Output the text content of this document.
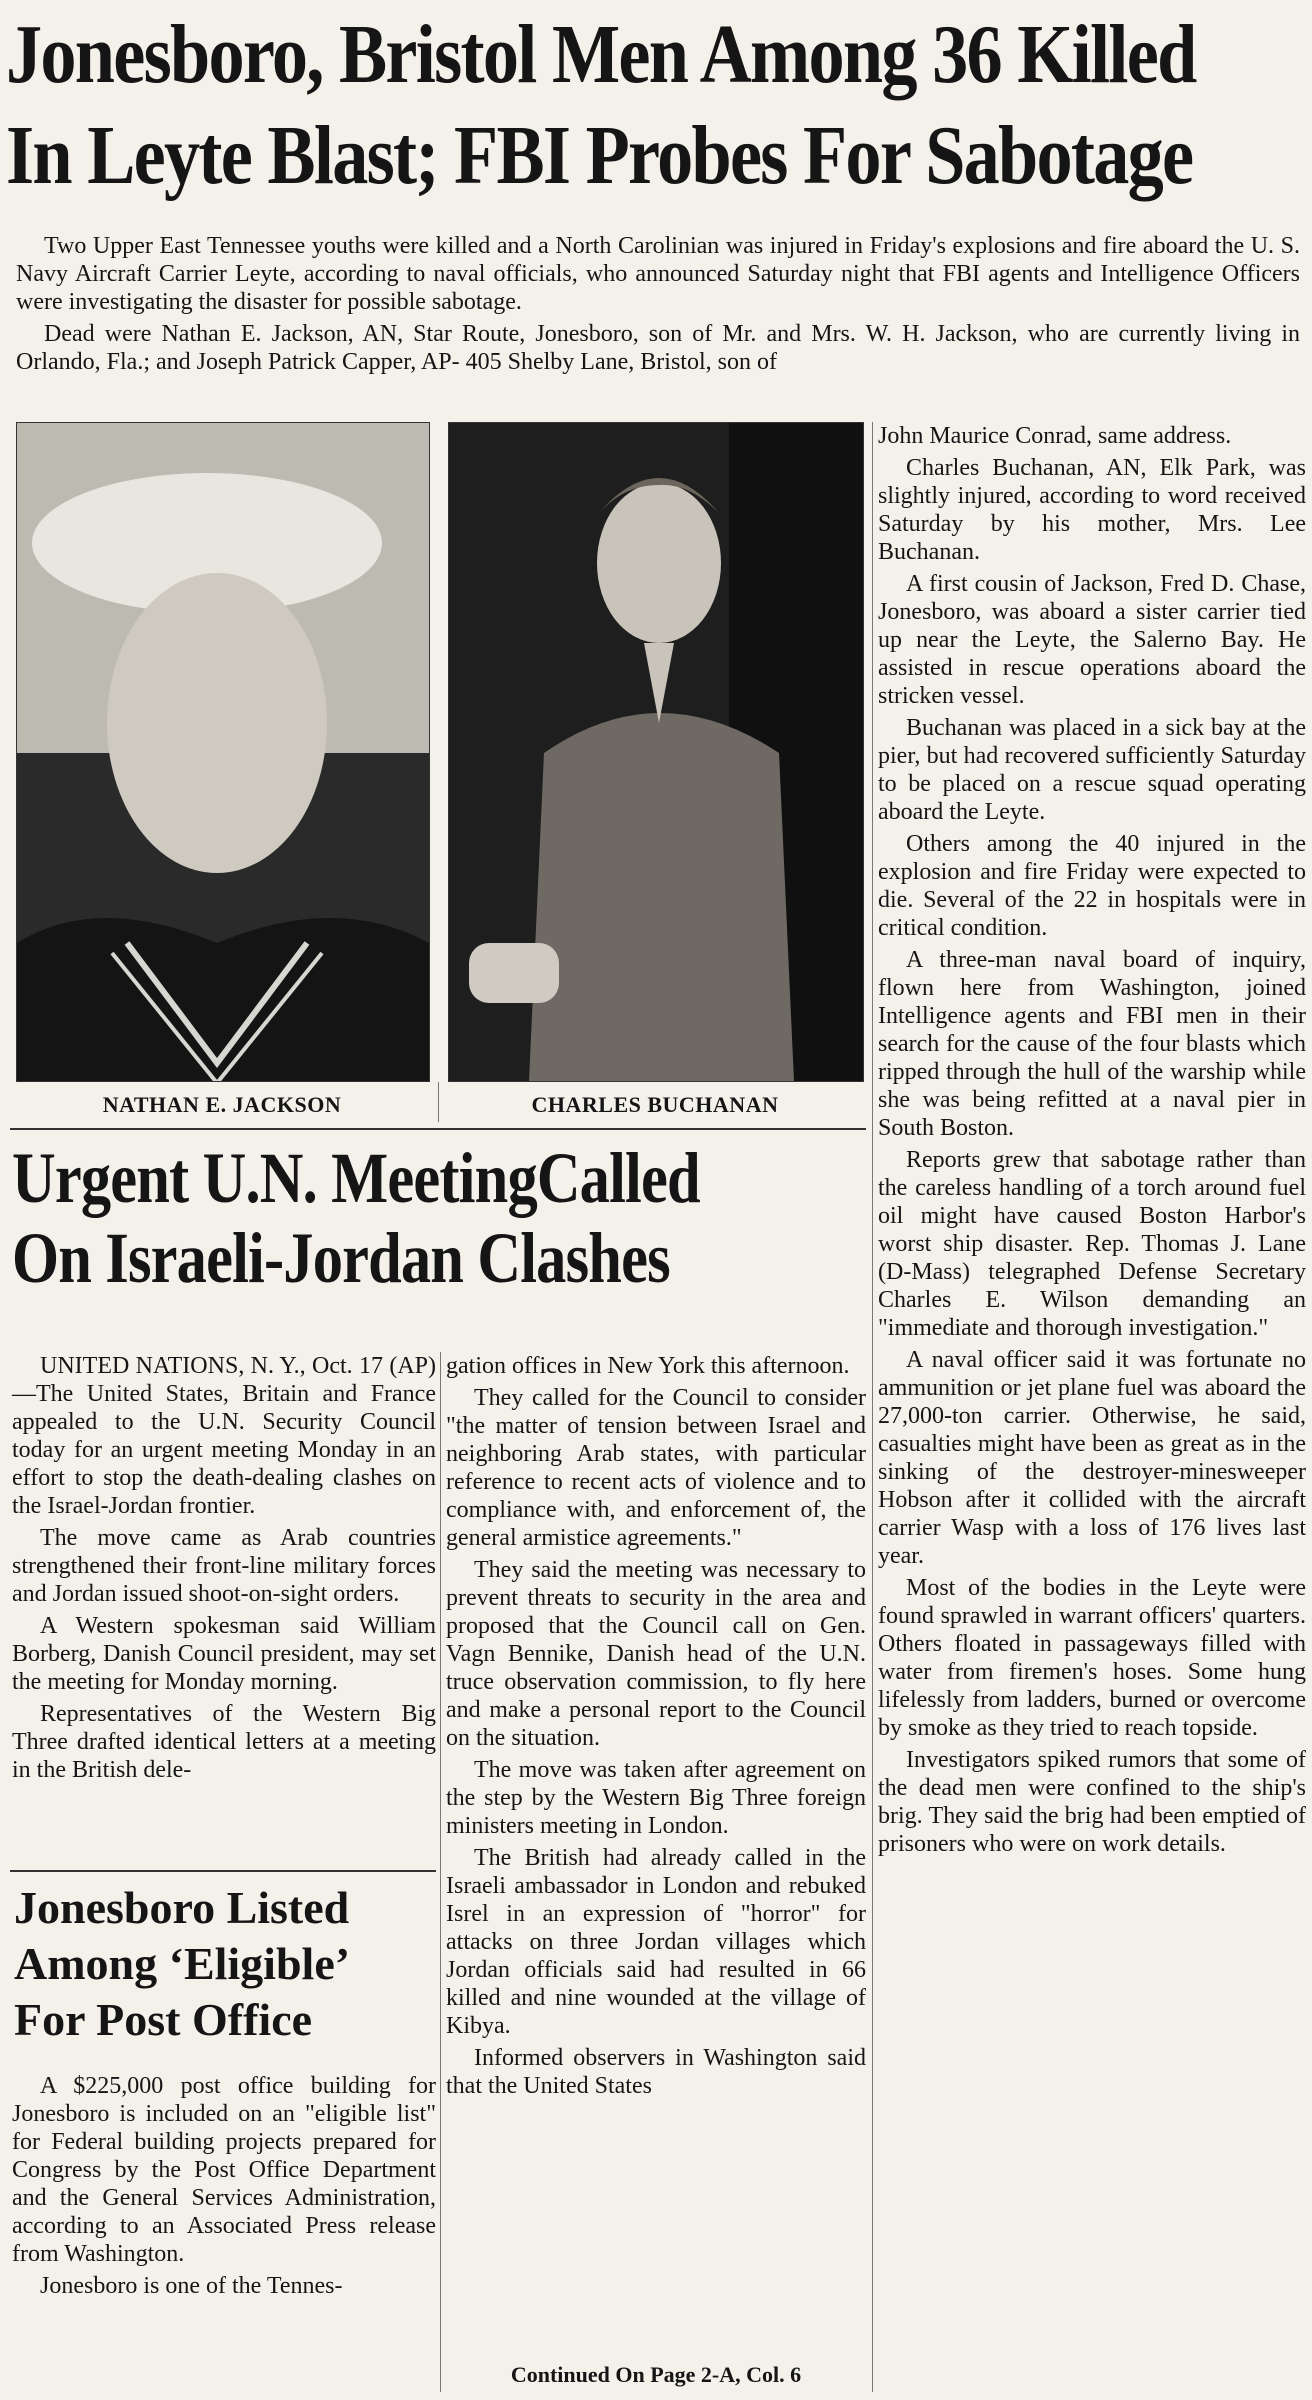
Jonesboro, Bristol Men Among 36 Killed
In Leyte Blast; FBI Probes For Sabotage

Two Upper East Tennessee youths were killed and a North Carolinian was injured in Friday's explosions and fire aboard the U. S. Navy Aircraft Carrier Leyte, according to naval officials, who announced Saturday night that FBI agents and Intelligence Officers were investigating the disaster for possible sabotage.

Dead were Nathan E. Jackson, AN, Star Route, Jonesboro, son of Mr. and Mrs. W. H. Jackson, who are currently living in Orlando, Fla.; and Joseph Patrick Capper, AP- 405 Shelby Lane, Bristol, son of

NATHAN E. JACKSON	CHARLES BUCHANAN

John Maurice Conrad, same address.

Charles Buchanan, AN, Elk Park, was slightly injured, according to word received Saturday by his mother, Mrs. Lee Buchanan.

A first cousin of Jackson, Fred D. Chase, Jonesboro, was aboard a sister carrier tied up near the Leyte, the Salerno Bay. He assisted in rescue operations aboard the stricken vessel.

Buchanan was placed in a sick bay at the pier, but had recovered sufficiently Saturday to be placed on a rescue squad operating aboard the Leyte.

Others among the 40 injured in the explosion and fire Friday were expected to die. Several of the 22 in hospitals were in critical condition.

A three-man naval board of inquiry, flown here from Washington, joined Intelligence agents and FBI men in their search for the cause of the four blasts which ripped through the hull of the warship while she was being refitted at a naval pier in South Boston.

Reports grew that sabotage rather than the careless handling of a torch around fuel oil might have caused Boston Harbor's worst ship disaster. Rep. Thomas J. Lane (D-Mass) telegraphed Defense Secretary Charles E. Wilson demanding an "immediate and thorough investigation."

A naval officer said it was fortunate no ammunition or jet plane fuel was aboard the 27,000-ton carrier. Otherwise, he said, casualties might have been as great as in the sinking of the destroyer-minesweeper Hobson after it collided with the aircraft carrier Wasp with a loss of 176 lives last year.

Most of the bodies in the Leyte were found sprawled in warrant officers' quarters. Others floated in passageways filled with water from firemen's hoses. Some hung lifelessly from ladders, burned or overcome by smoke as they tried to reach topside.

Investigators spiked rumors that some of the dead men were confined to the ship's brig. They said the brig had been emptied of prisoners who were on work details.

Urgent U.N. MeetingCalled
On Israeli-Jordan Clashes

UNITED NATIONS, N. Y., Oct. 17 (AP)—The United States, Britain and France appealed to the U.N. Security Council today for an urgent meeting Monday in an effort to stop the death-dealing clashes on the Israel-Jordan frontier.

The move came as Arab countries strengthened their front-line military forces and Jordan issued shoot-on-sight orders.

A Western spokesman said William Borberg, Danish Council president, may set the meeting for Monday morning.

Representatives of the Western Big Three drafted identical letters at a meeting in the British dele-

gation offices in New York this afternoon.

They called for the Council to consider "the matter of tension between Israel and neighboring Arab states, with particular reference to recent acts of violence and to compliance with, and enforcement of, the general armistice agreements."

They said the meeting was necessary to prevent threats to security in the area and proposed that the Council call on Gen. Vagn Bennike, Danish head of the U.N. truce observation commission, to fly here and make a personal report to the Council on the situation.

The move was taken after agreement on the step by the Western Big Three foreign ministers meeting in London.

The British had already called in the Israeli ambassador in London and rebuked Isrel in an expression of "horror" for attacks on three Jordan villages which Jordan officials said had resulted in 66 killed and nine wounded at the village of Kibya.

Informed observers in Washington said that the United States

Continued On Page 2-A, Col. 6
Jonesboro Listed
Among ‘Eligible’
For Post Office

A $225,000 post office building for Jonesboro is included on an "eligible list" for Federal building projects prepared for Congress by the Post Office Department and the General Services Administration, according to an Associated Press release from Washington.

Jonesboro is one of the Tennes-
